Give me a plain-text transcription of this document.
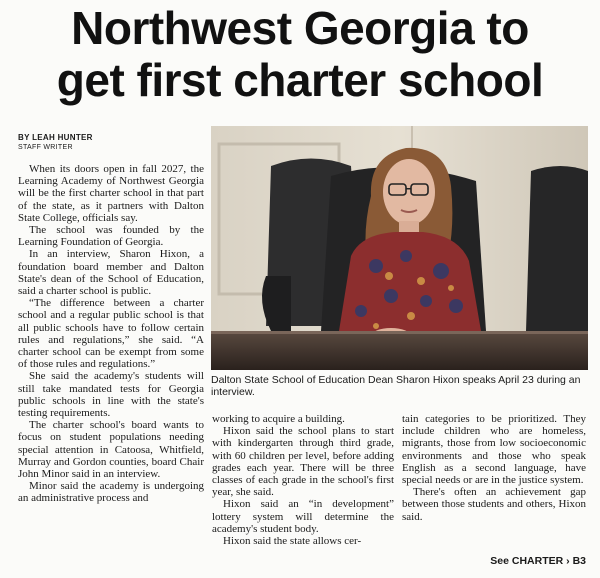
Northwest Georgia to
get first charter school
BY LEAH HUNTER
STAFF WRITER

When its doors open in fall 2027, the Learning Academy of Northwest Georgia will be the first charter school in that part of the state, as it partners with Dalton State College, officials say.

The school was founded by the Learning Foundation of Georgia.

In an interview, Sharon Hixon, a foundation board member and Dalton State's dean of the School of Education, said a charter school is public.

“The difference between a charter school and a regular public school is that all public schools have to follow certain rules and regulations,” she said. “A charter school can be exempt from some of those rules and regulations.”

She said the academy's students will still take mandated tests for Georgia public schools in line with the state's testing requirements.

The charter school's board wants to focus on student populations needing special attention in Catoosa, Whitfield, Murray and Gordon counties, board Chair John Minor said in an interview.

Minor said the academy is undergoing an administrative process and

Dalton State School of Education Dean Sharon Hixon speaks April 23 during an interview.

working to acquire a building.

Hixon said the school plans to start with kindergarten through third grade, with 60 children per level, before adding grades each year. There will be three classes of each grade in the school's first year, she said.

Hixon said an “in development” lottery system will determine the academy's student body.

Hixon said the state allows cer-

tain categories to be prioritized. They include children who are homeless, migrants, those from low socioeconomic environments and those who speak English as a second language, have special needs or are in the justice system.

There's often an achievement gap between those students and others, Hixon said.

See CHARTER › B3
